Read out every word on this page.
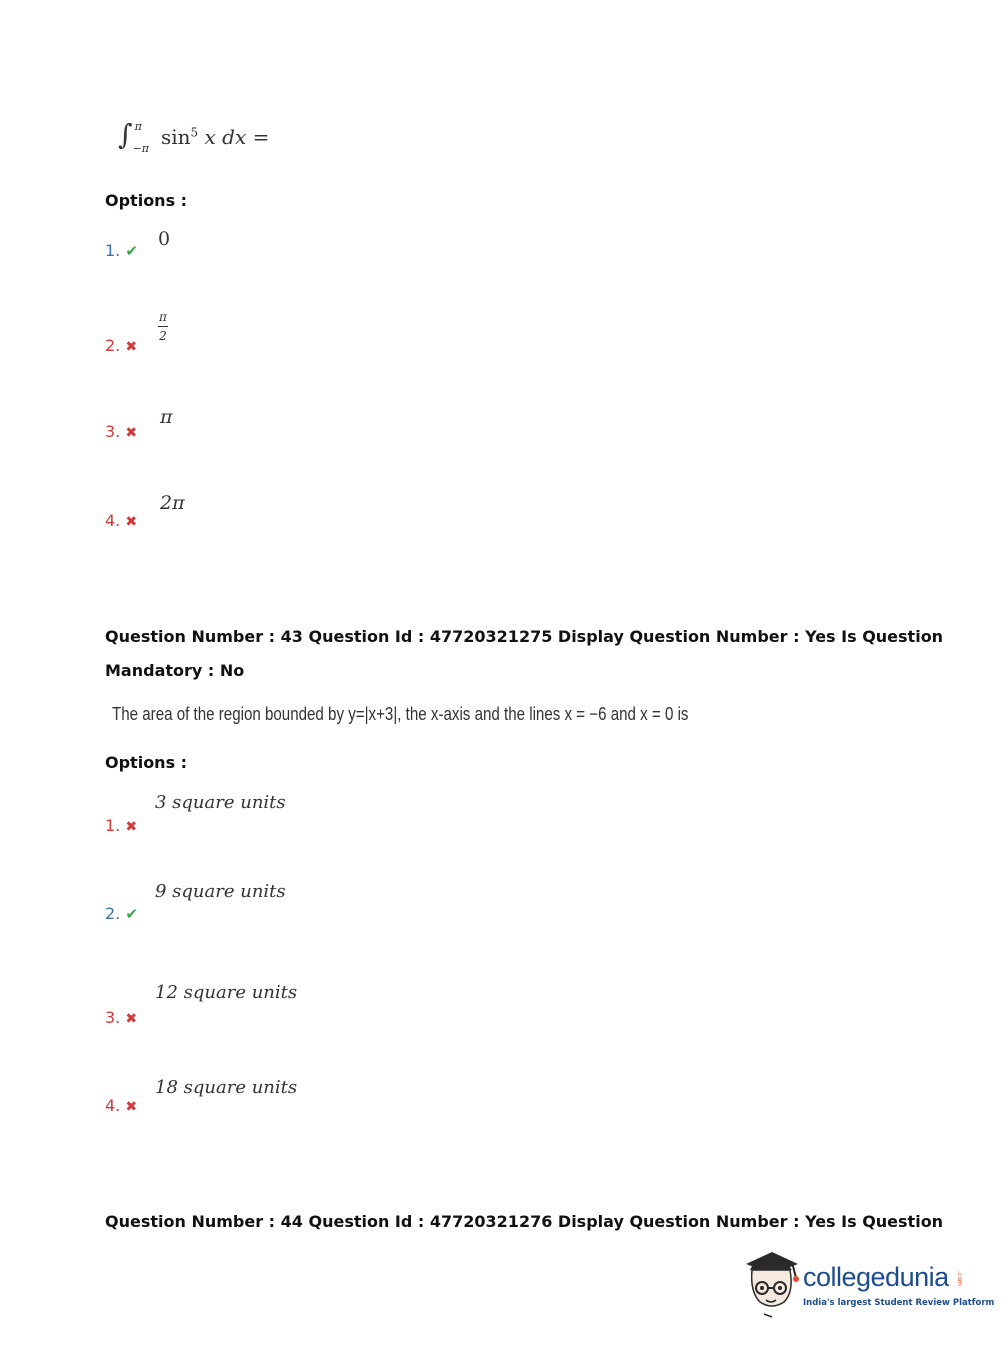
∫ π
−π $\sin^5 x$ dx =
Options :
1. ✔
0
2. ✖
$\frac{\pi}{2}$
3. ✖
π
4. ✖
2π
Question Number : 43 Question Id : 47720321275 Display Question Number : Yes Is Question
Mandatory : No
The area of the region bounded by y=|x+3|, the x-axis and the lines x = −6 and x = 0 is
Options :
1. ✖
3 square units
2. ✔
9 square units
3. ✖
12 square units
4. ✖
18 square units
Question Number : 44 Question Id : 47720321276 Display Question Number : Yes Is Question
collegedunia .com
India's largest Student Review Platform
